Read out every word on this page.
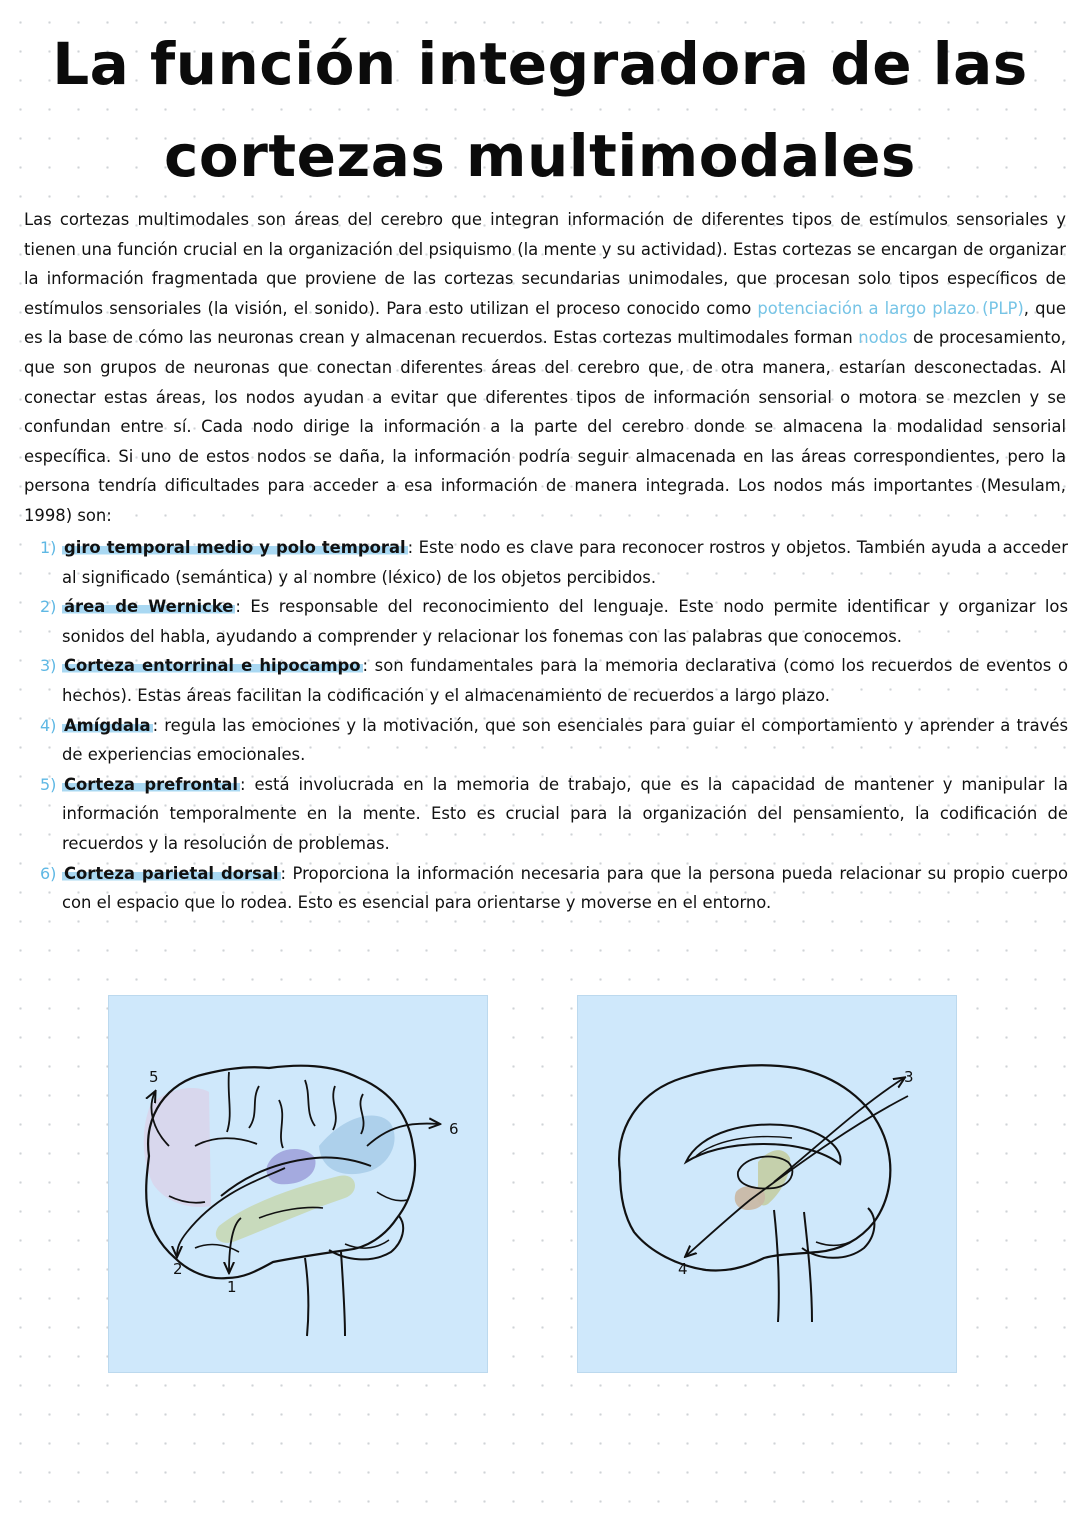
La función integradora de las cortezas multimodales

Las cortezas multimodales son áreas del cerebro que integran información de diferentes tipos de estímulos sensoriales y tienen una función crucial en la organización del psiquismo (la mente y su actividad). Estas cortezas se encargan de organizar la información fragmentada que proviene de las cortezas secundarias unimodales, que procesan solo tipos específicos de estímulos sensoriales (la visión, el sonido). Para esto utilizan el proceso conocido como potenciación a largo plazo (PLP), que es la base de cómo las neuronas crean y almacenan recuerdos. Estas cortezas multimodales forman nodos de procesamiento, que son grupos de neuronas que conectan diferentes áreas del cerebro que, de otra manera, estarían desconectadas. Al conectar estas áreas, los nodos ayudan a evitar que diferentes tipos de información sensorial o motora se mezclen y se confundan entre sí. Cada nodo dirige la información a la parte del cerebro donde se almacena la modalidad sensorial específica. Si uno de estos nodos se daña, la información podría seguir almacenada en las áreas correspondientes, pero la persona tendría dificultades para acceder a esa información de manera integrada. Los nodos más importantes (Mesulam, 1998) son:

1) giro temporal medio y polo temporal : Este nodo es clave para reconocer rostros y objetos. También ayuda a acceder al significado (semántica) y al nombre (léxico) de los objetos percibidos.
2) área de Wernicke : Es responsable del reconocimiento del lenguaje. Este nodo permite identificar y organizar los sonidos del habla, ayudando a comprender y relacionar los fonemas con las palabras que conocemos.
3) Corteza entorrinal e hipocampo : son fundamentales para la memoria declarativa (como los recuerdos de eventos o hechos). Estas áreas facilitan la codificación y el almacenamiento de recuerdos a largo plazo.
4) Amígdala : regula las emociones y la motivación, que son esenciales para guiar el comportamiento y aprender a través de experiencias emocionales.
5) Corteza prefrontal : está involucrada en la memoria de trabajo, que es la capacidad de mantener y manipular la información temporalmente en la mente. Esto es crucial para la organización del pensamiento, la codificación de recuerdos y la resolución de problemas.
6) Corteza parietal dorsal : Proporciona la información necesaria para que la persona pueda relacionar su propio cuerpo con el espacio que lo rodea. Esto es esencial para orientarse y moverse en el entorno.
5
6
2
1
3
4
